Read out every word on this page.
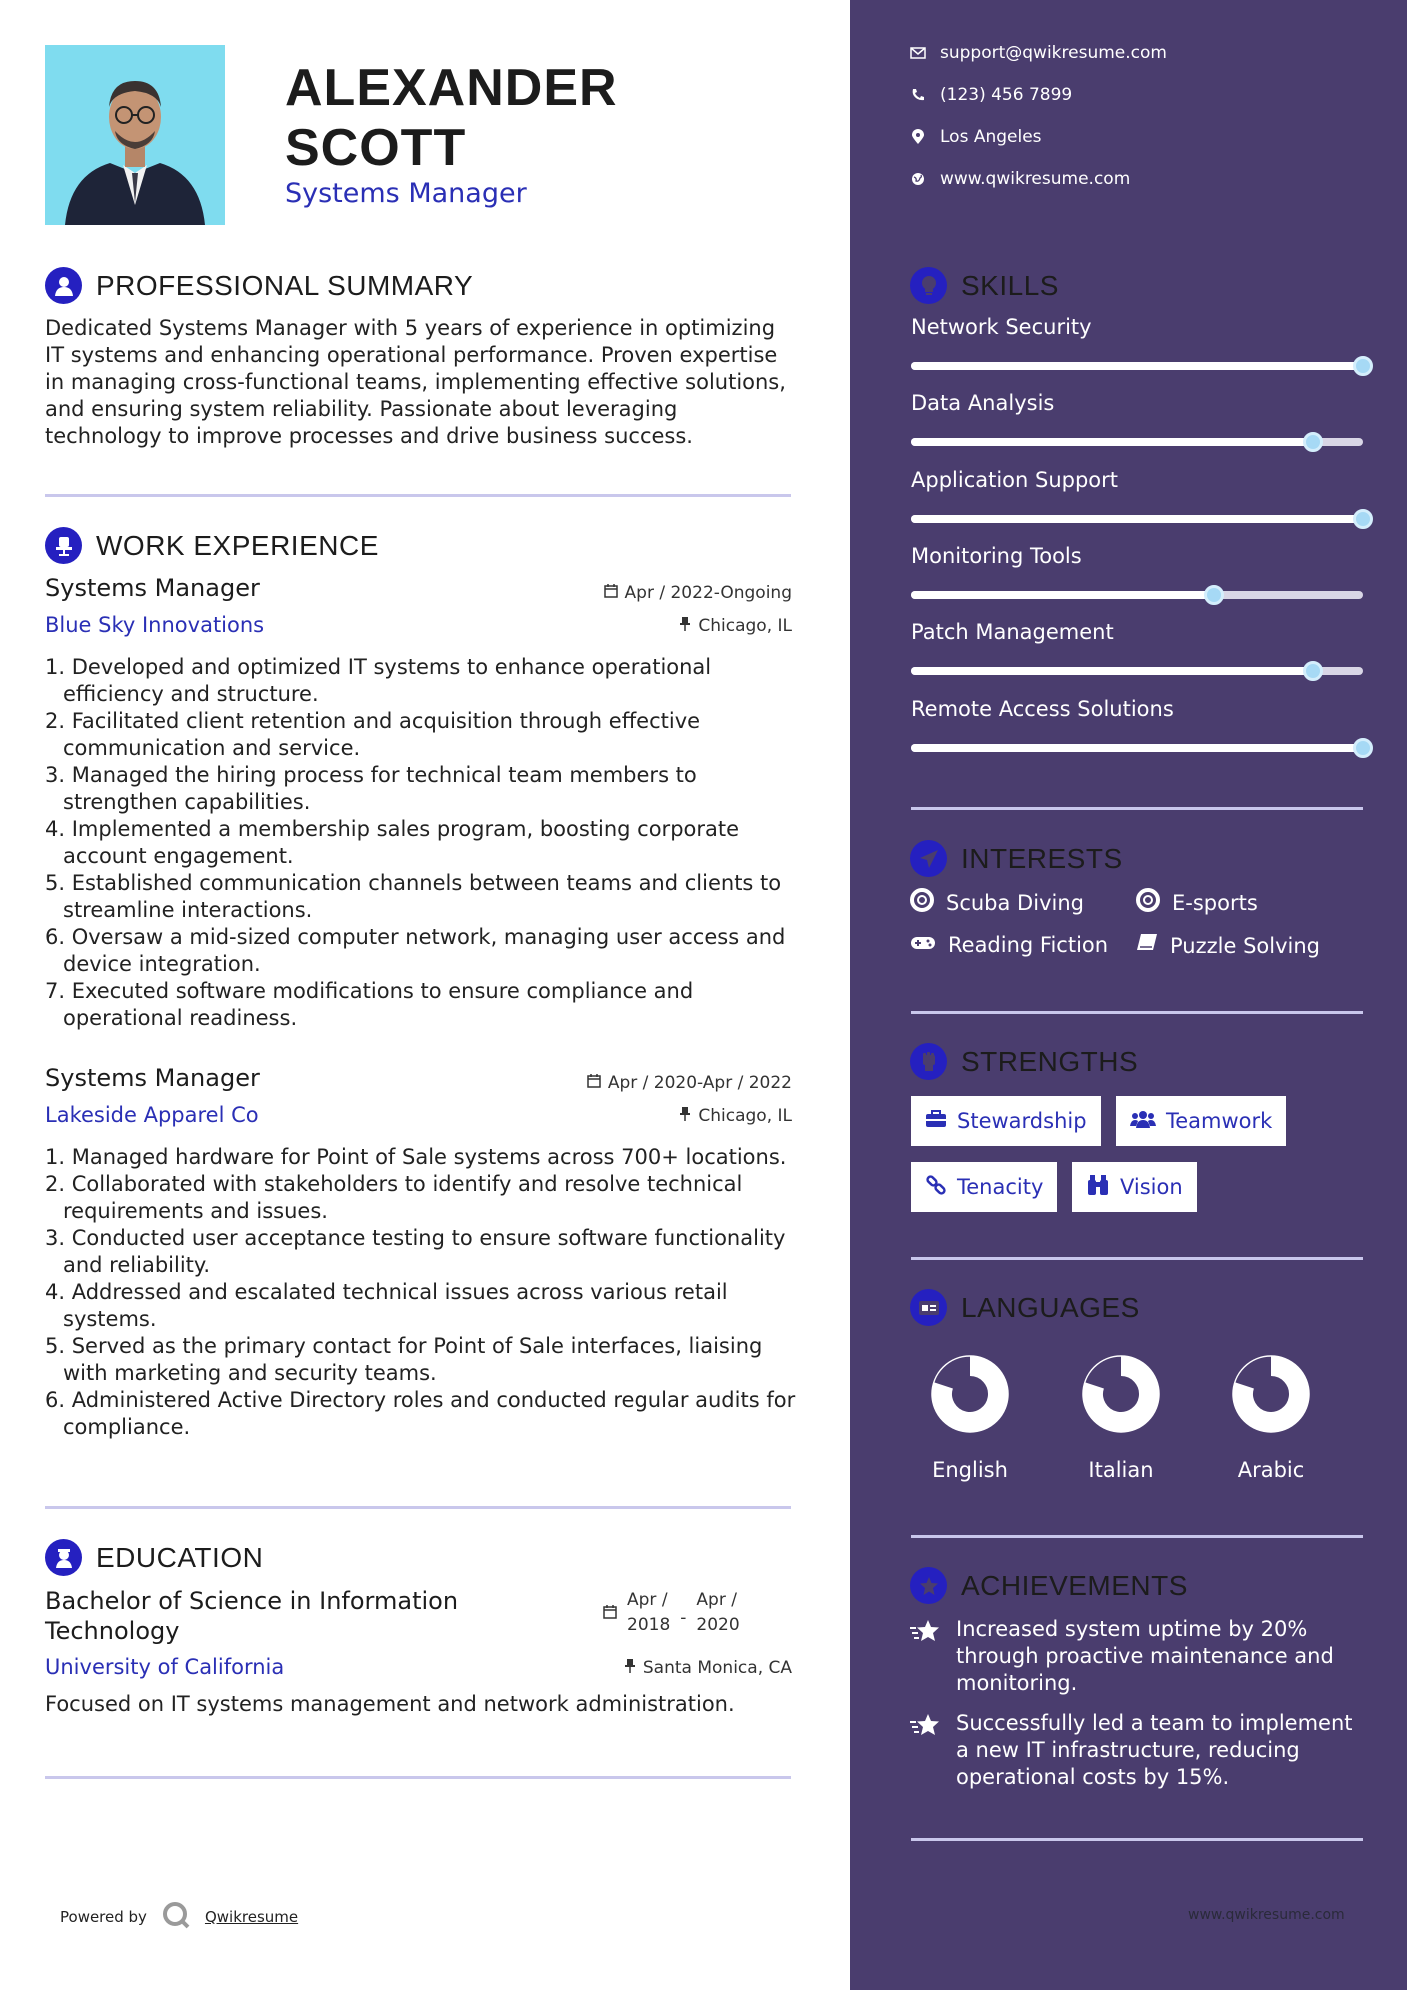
ALEXANDER
SCOTT
Systems Manager
PROFESSIONAL SUMMARY
Dedicated Systems Manager with 5 years of experience in optimizing IT systems and enhancing operational performance. Proven expertise in managing cross-functional teams, implementing effective solutions, and ensuring system reliability. Passionate about leveraging technology to improve processes and drive business success.
WORK EXPERIENCE
Systems Manager	Apr / 2022-Ongoing
Blue Sky Innovations	Chicago, IL
1. Developed and optimized IT systems to enhance operational efficiency and structure.
2. Facilitated client retention and acquisition through effective communication and service.
3. Managed the hiring process for technical team members to strengthen capabilities.
4. Implemented a membership sales program, boosting corporate account engagement.
5. Established communication channels between teams and clients to streamline interactions.
6. Oversaw a mid-sized computer network, managing user access and device integration.
7. Executed software modifications to ensure compliance and operational readiness.
Systems Manager	Apr / 2020-Apr / 2022
Lakeside Apparel Co	Chicago, IL
1. Managed hardware for Point of Sale systems across 700+ locations.
2. Collaborated with stakeholders to identify and resolve technical requirements and issues.
3. Conducted user acceptance testing to ensure software functionality and reliability.
4. Addressed and escalated technical issues across various retail systems.
5. Served as the primary contact for Point of Sale interfaces, liaising with marketing and security teams.
6. Administered Active Directory roles and conducted regular audits for compliance.
EDUCATION
Bachelor of Science in Information Technology
Apr /
2018 -
Apr /
2020
University of California	Santa Monica, CA
Focused on IT systems management and network administration.
Powered by	Qwikresume
support@qwikresume.com
(123) 456 7899
Los Angeles
www.qwikresume.com
SKILLS
Network Security
Data Analysis
Application Support
Monitoring Tools
Patch Management
Remote Access Solutions
INTERESTS
Scuba Diving	E-sports
Reading Fiction	Puzzle Solving
STRENGTHS
Stewardship	Teamwork
Tenacity	Vision
LANGUAGES
English	Italian	Arabic
ACHIEVEMENTS
Increased system uptime by 20% through proactive maintenance and monitoring.
Successfully led a team to implement a new IT infrastructure, reducing operational costs by 15%.
www.qwikresume.com
